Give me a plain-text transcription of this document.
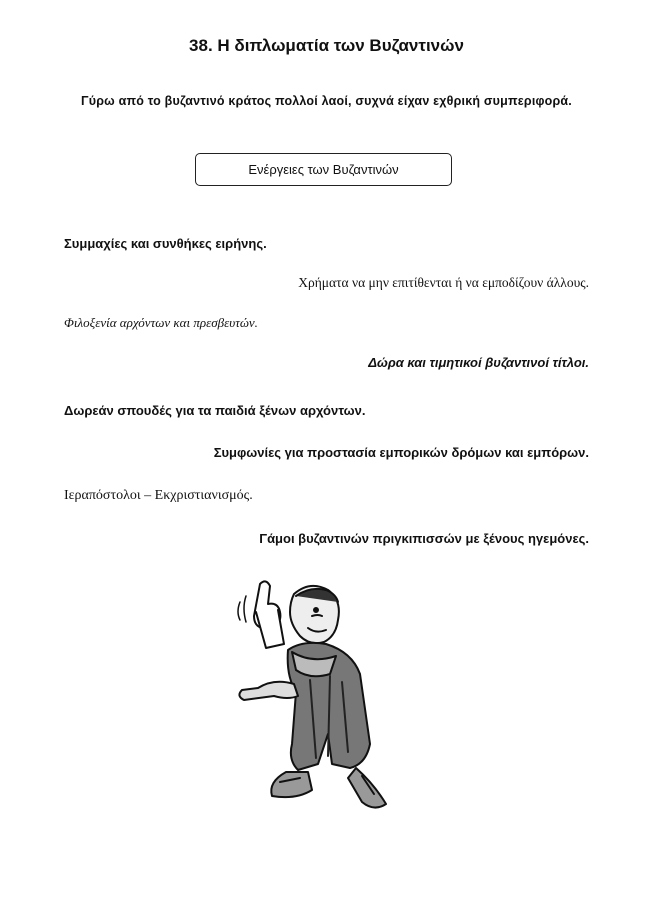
38. Η διπλωματία των Βυζαντινών
Γύρω από το βυζαντινό κράτος πολλοί λαοί, συχνά είχαν εχθρική συμπεριφορά.
Ενέργειες των Βυζαντινών
Συμμαχίες και συνθήκες ειρήνης.
Χρήματα να μην επιτίθενται ή να εμποδίζουν άλλους.
Φιλοξενία αρχόντων και πρεσβευτών.
Δώρα και τιμητικοί βυζαντινοί τίτλοι.
Δωρεάν σπουδές για τα παιδιά ξένων αρχόντων.
Συμφωνίες για προστασία εμπορικών δρόμων και εμπόρων.
Ιεραπόστολοι – Εκχριστιανισμός.
Γάμοι βυζαντινών πριγκιπισσών με ξένους ηγεμόνες.
